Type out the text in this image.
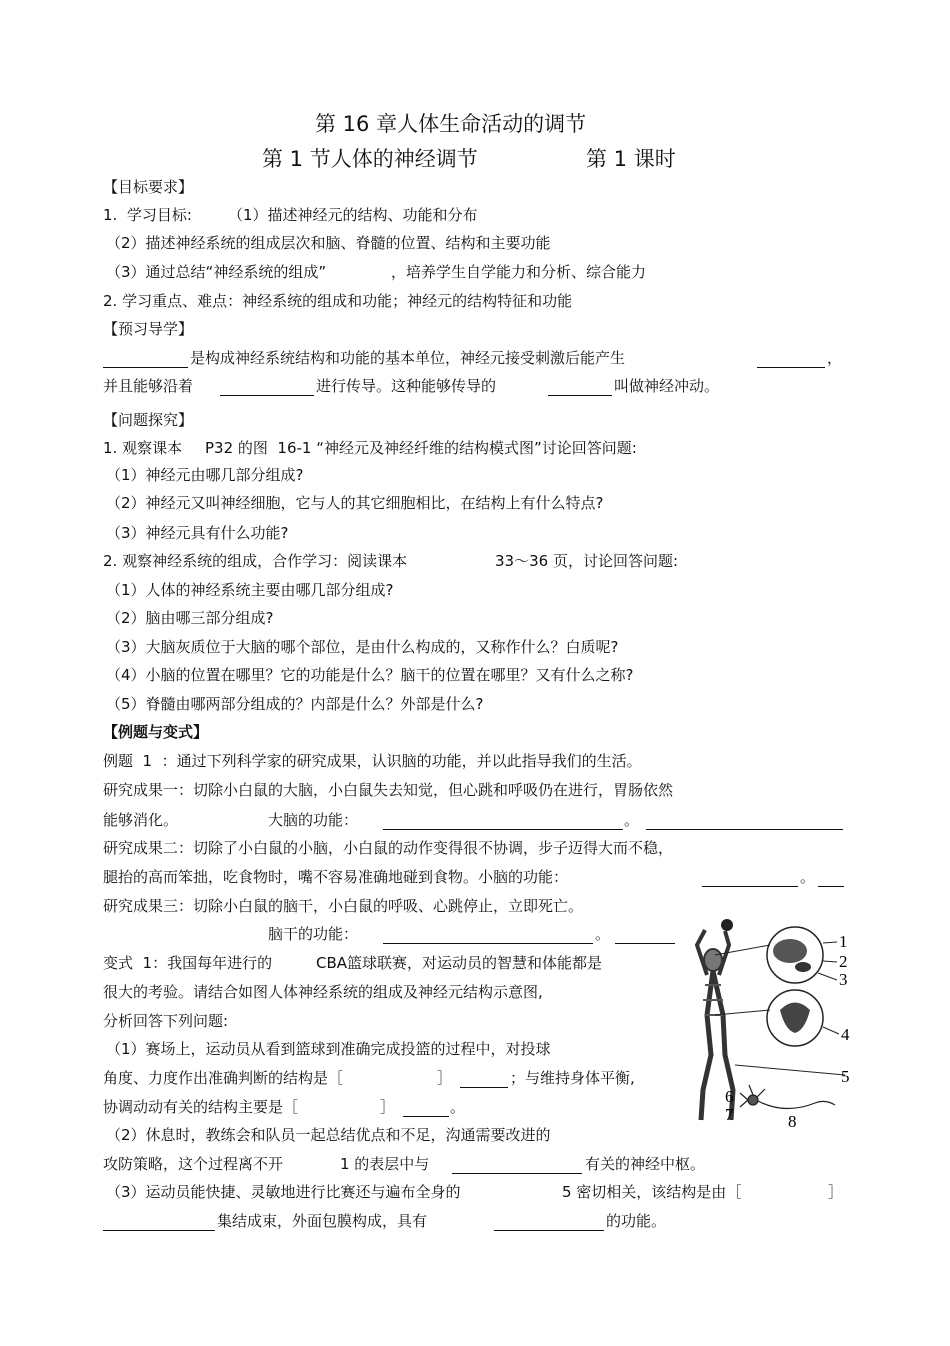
第 16 章人体生命活动的调节
第 1 节人体的神经调节	第 1 课时
【目标要求】
1.  学习目标: （1）描述神经元的结构、功能和分布
（2）描述神经系统的组成层次和脑、脊髓的位置、结构和主要功能
（3）通过总结“神经系统的组成”	，培养学生自学能力和分析、综合能力
2. 学习重点、难点：神经系统的组成和功能；神经元的结构特征和功能
【预习导学】
是构成神经系统结构和功能的基本单位，神经元接受刺激后能产生	，
并且能够沿着	进行传导。这种能够传导的	叫做神经冲动。
【问题探究】
1. 观察课本 P32 的图  16-1 “神经元及神经纤维的结构模式图”讨论回答问题:
（1）神经元由哪几部分组成?
（2）神经元又叫神经细胞，它与人的其它细胞相比，在结构上有什么特点?
（3）神经元具有什么功能?
2. 观察神经系统的组成，合作学习：阅读课本	33～36 页，讨论回答问题:
（1）人体的神经系统主要由哪几部分组成?
（2）脑由哪三部分组成?
（3）大脑灰质位于大脑的哪个部位，是由什么构成的，又称作什么？白质呢?
（4）小脑的位置在哪里？它的功能是什么？脑干的位置在哪里？又有什么之称?
（5）脊髓由哪两部分组成的？内部是什么？外部是什么?
【例题与变式】
例题  1  ：通过下列科学家的研究成果，认识脑的功能，并以此指导我们的生活。
研究成果一：切除小白鼠的大脑，小白鼠失去知觉，但心跳和呼吸仍在进行，胃肠依然
能够消化。	大脑的功能：	。
研究成果二：切除了小白鼠的小脑，小白鼠的动作变得很不协调，步子迈得大而不稳，
腿抬的高而笨拙，吃食物时，嘴不容易准确地碰到食物。小脑的功能：	。
研究成果三：切除小白鼠的脑干，小白鼠的呼吸、心跳停止，立即死亡。
脑干的功能：	。
变式  1：我国每年进行的	CBA篮球联赛，对运动员的智慧和体能都是
很大的考验。请结合如图人体神经系统的组成及神经元结构示意图,
分析回答下列问题:
（1）赛场上，运动员从看到篮球到准确完成投篮的过程中，对投球
角度、力度作出准确判断的结构是［	］	；与维持身体平衡,
协调动动有关的结构主要是［	］	。
（2）休息时，教练会和队员一起总结优点和不足，沟通需要改进的
攻防策略，这个过程离不开	1 的表层中与	有关的神经中枢。
（3）运动员能快捷、灵敏地进行比赛还与遍布全身的	5 密切相关，该结构是由［	］
集结成束，外面包膜构成，具有	的功能。
1
2
3
4
5
6
7	8
